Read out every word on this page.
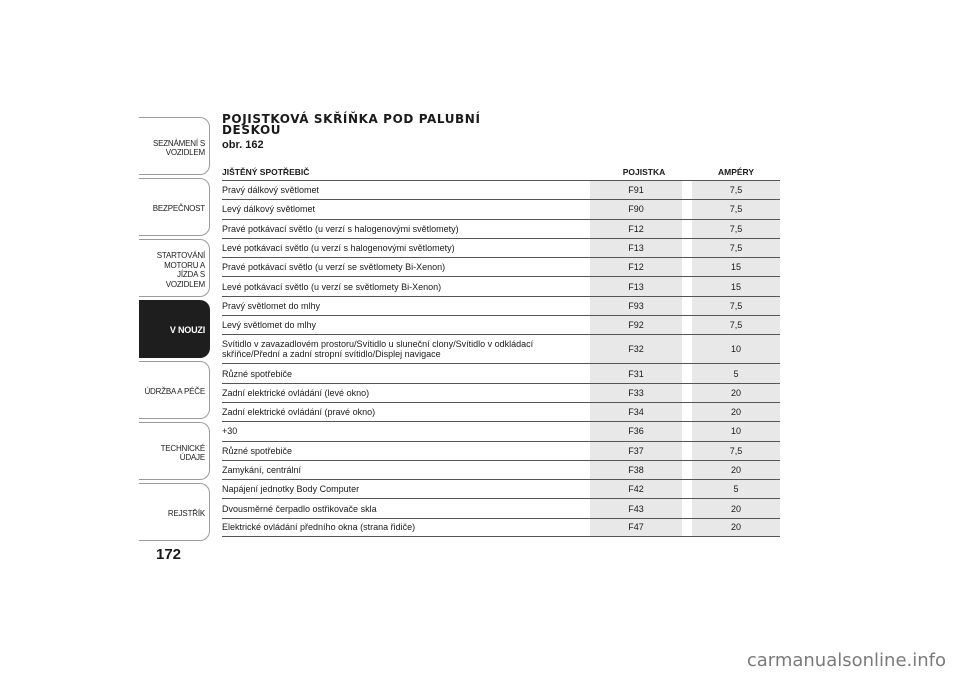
SEZNÁMENÍ S VOZIDLEM
BEZPEČNOST
STARTOVÁNÍ MOTORU A JÍZDA S VOZIDLEM
V NOUZI
ÚDRŽBA A PÉČE
TECHNICKÉ ÚDAJE
REJSTŘÍK
172
POJISTKOVÁ SKŘÍŇKA POD PALUBNÍ DESKOU
obr. 162
JIŠTĚNÝ SPOTŘEBIČ	POJISTKA	AMPÉRY
Pravý dálkový světlomet	F91	7,5
Levý dálkový světlomet	F90	7,5
Pravé potkávací světlo (u verzí s halogenovými světlomety)	F12	7,5
Levé potkávací světlo (u verzí s halogenovými světlomety)	F13	7,5
Pravé potkávací světlo (u verzí se světlomety Bi-Xenon)	F12	15
Levé potkávací světlo (u verzí se světlomety Bi-Xenon)	F13	15
Pravý světlomet do mlhy	F93	7,5
Levý světlomet do mlhy	F92	7,5
Svítidlo v zavazadlovém prostoru/Svítidlo u sluneční clony/Svítidlo v odkládací skříňce/Přední a zadní stropní svítidlo/Displej navigace	F32	10
Různé spotřebiče	F31	5
Zadní elektrické ovládání (levé okno)	F33	20
Zadní elektrické ovládání (pravé okno)	F34	20
+30	F36	10
Různé spotřebiče	F37	7,5
Zamykání, centrální	F38	20
Napájení jednotky Body Computer	F42	5
Dvousměrné čerpadlo ostřikovače skla	F43	20
Elektrické ovládání předního okna (strana řidiče)	F47	20
carmanualsonline.info
